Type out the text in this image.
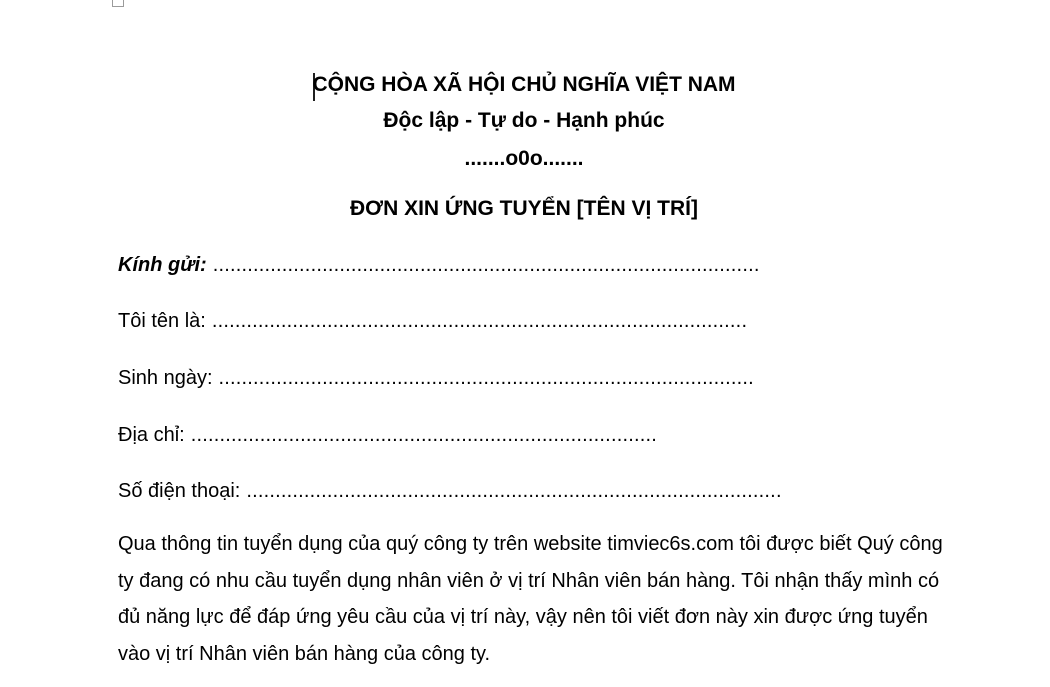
CỘNG HÒA XÃ HỘI CHỦ NGHĨA VIỆT NAM
Độc lập - Tự do - Hạnh phúc
.......o0o.......
ĐƠN XIN ỨNG TUYỂN [TÊN VỊ TRÍ]
Kính gửi: ...............................................................................................
Tôi tên là: .............................................................................................
Sinh ngày: .............................................................................................
Địa chỉ: .................................................................................
Số điện thoại: .............................................................................................
Qua thông tin tuyển dụng của quý công ty trên website timviec6s.com tôi được biết Quý công ty đang có nhu cầu tuyển dụng nhân viên ở vị trí Nhân viên bán hàng. Tôi nhận thấy mình có đủ năng lực để đáp ứng yêu cầu của vị trí này, vậy nên tôi viết đơn này xin được ứng tuyển vào vị trí Nhân viên bán hàng của công ty.
